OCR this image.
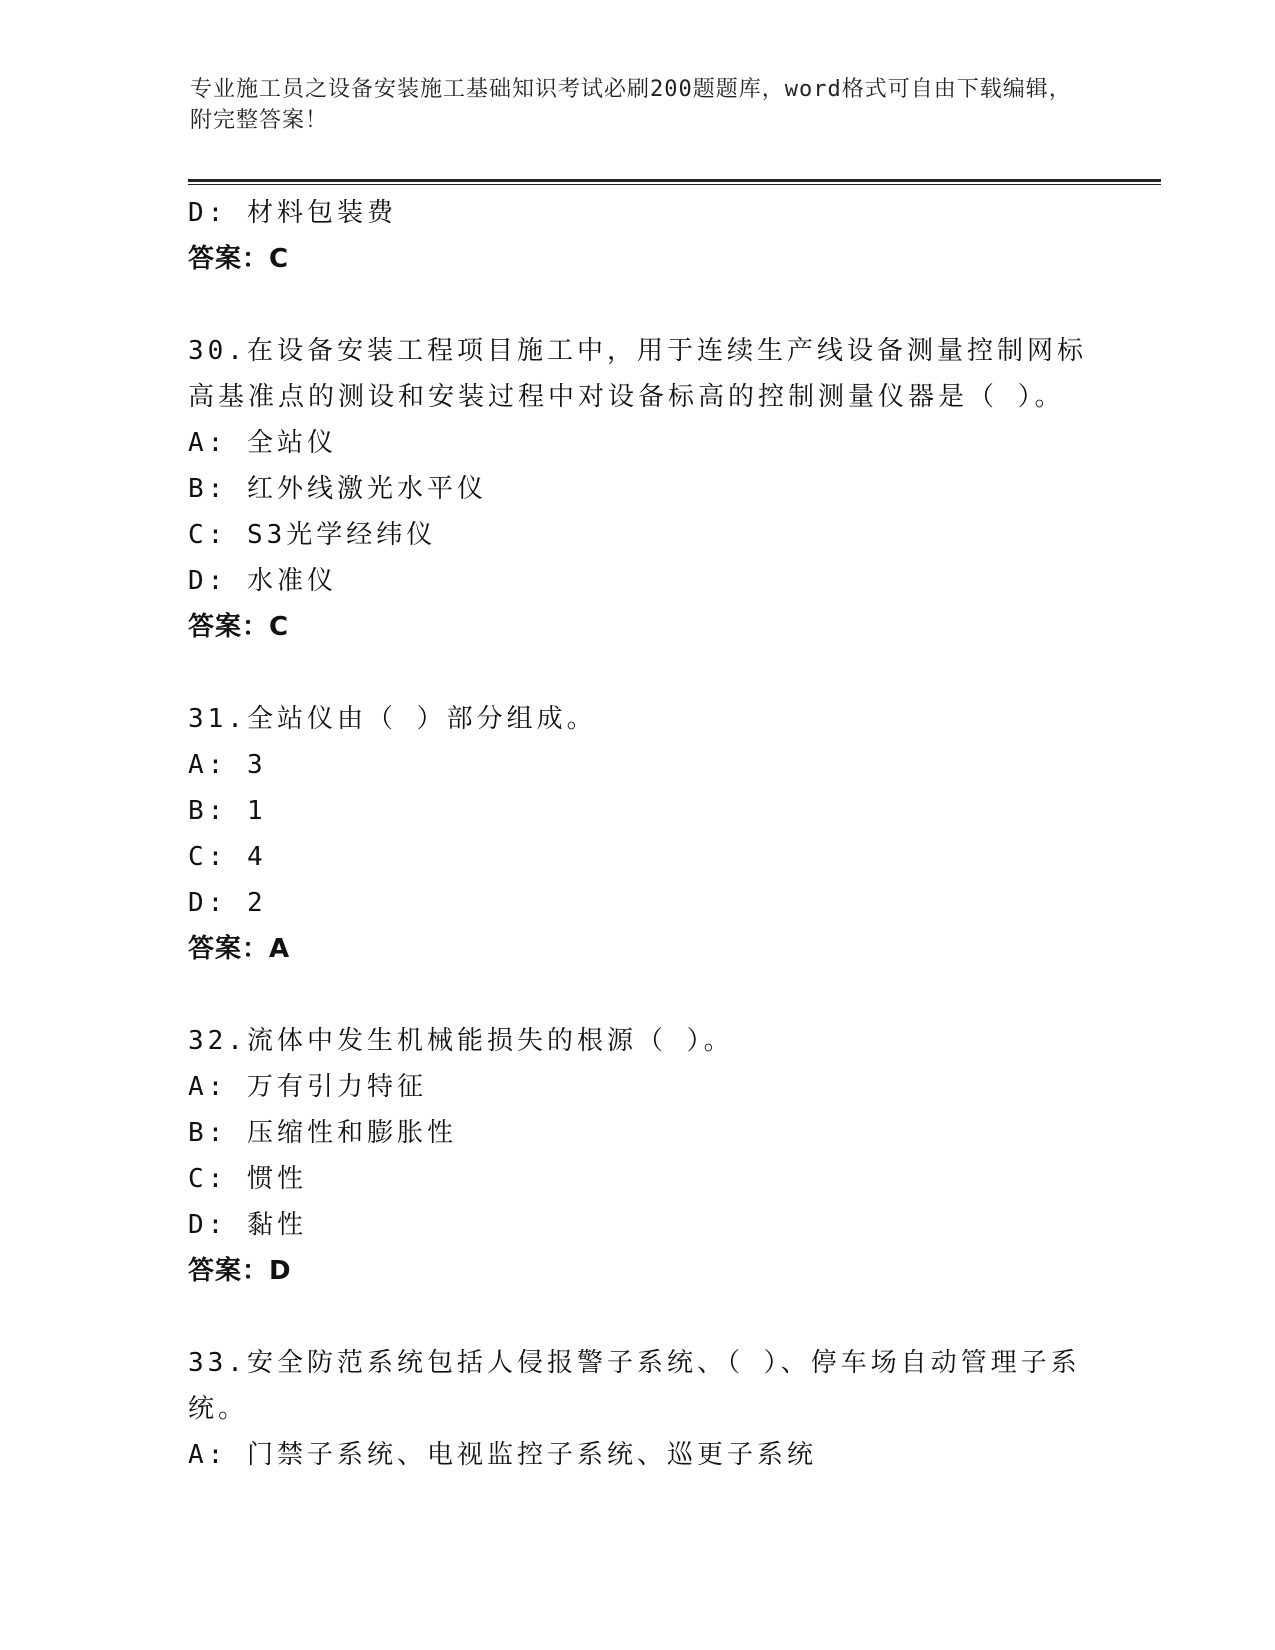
专业施工员之设备安装施工基础知识考试必刷200题题库，word格式可自由下载编辑，附完整答案！
D: 材料包装费
答案：C
30.在设备安装工程项目施工中，用于连续生产线设备测量控制网标高基准点的测设和安装过程中对设备标高的控制测量仪器是（ ）。
A: 全站仪
B: 红外线激光水平仪
C: S3光学经纬仪
D: 水准仪
答案：C
31.全站仪由（ ）部分组成。
A: 3
B: 1
C: 4
D: 2
答案：A
32.流体中发生机械能损失的根源（ ）。
A: 万有引力特征
B: 压缩性和膨胀性
C: 惯性
D: 黏性
答案：D
33.安全防范系统包括人侵报警子系统、（ ）、停车场自动管理子系统。
A: 门禁子系统、电视监控子系统、巡更子系统
